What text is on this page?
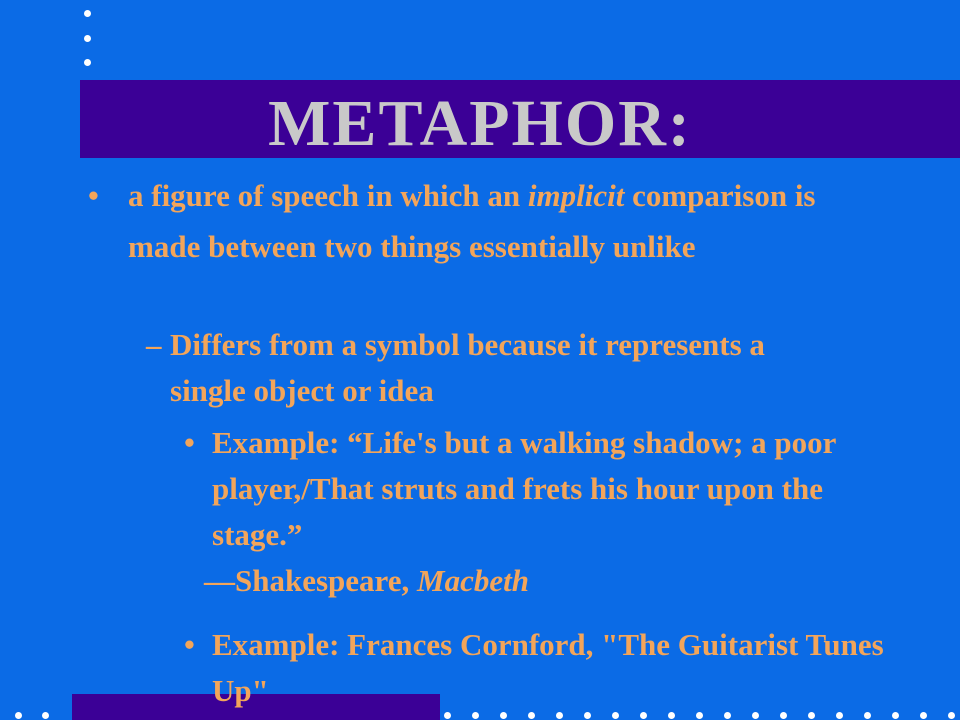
METAPHOR:
• a figure of speech in which an implicit comparison is made between two things essentially unlike
– Differs from a symbol because it represents a single object or idea
• Example: “Life's but a walking shadow; a poor player,/That struts and frets his hour upon the stage.”
—Shakespeare, Macbeth
• Example: Frances Cornford, "The Guitarist Tunes Up"
